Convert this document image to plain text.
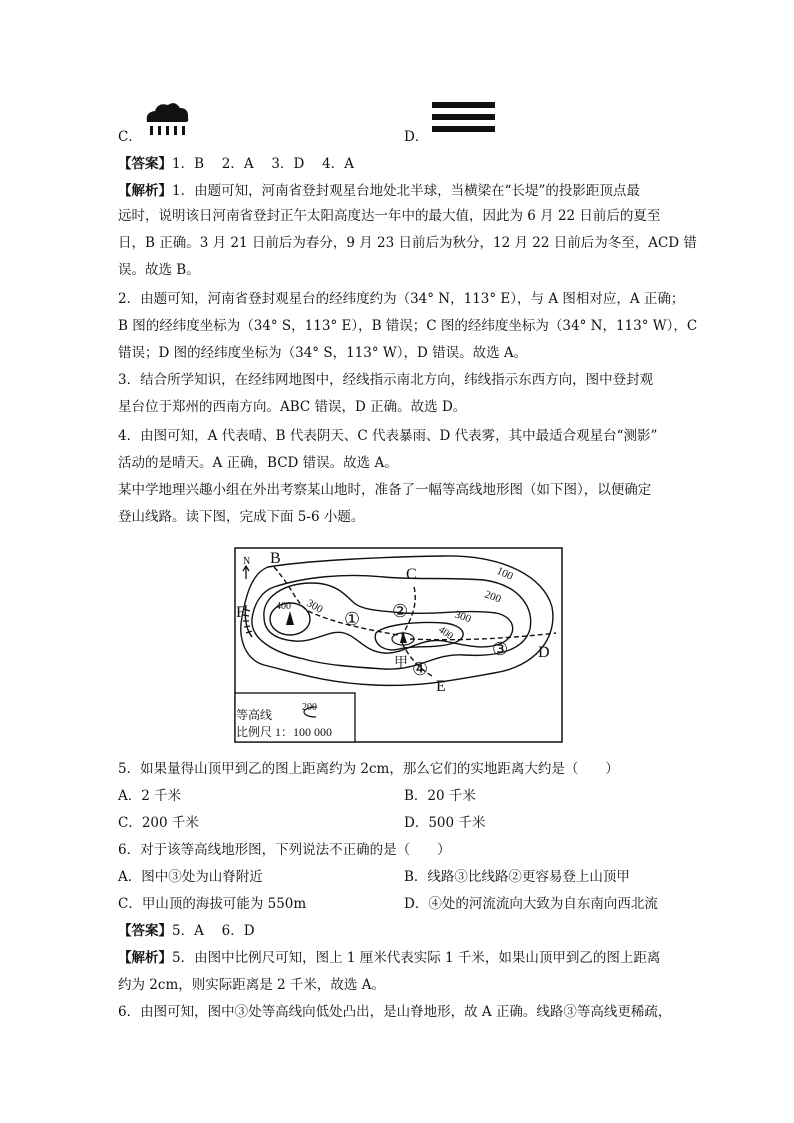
C．	D．
【答案】1．B　 2．A　 3．D　 4．A
【解析】1．由题可知，河南省登封观星台地处北半球，当横梁在“长堤”的投影距顶点最
远时，说明该日河南省登封正午太阳高度达一年中的最大值，因此为 6 月 22 日前后的夏至
日，B 正确。3 月 21 日前后为春分，9 月 23 日前后为秋分，12 月 22 日前后为冬至，ACD 错
误。故选 B。
2．由题可知，河南省登封观星台的经纬度约为（34° N，113° E），与 A 图相对应，A 正确；
B 图的经纬度坐标为（34° S，113° E），B 错误；C 图的经纬度坐标为（34° N，113° W），C
错误；D 图的经纬度坐标为（34° S，113° W），D 错误。故选 A。
3．结合所学知识，在经纬网地图中，经线指示南北方向，纬线指示东西方向，图中登封观
星台位于郑州的西南方向。ABC 错误，D 正确。故选 D。
4．由图可知，A 代表晴、B 代表阴天、C 代表暴雨、D 代表雾，其中最适合观星台“测影”
活动的是晴天。A 正确，BCD 错误。故选 A。
某中学地理兴趣小组在外出考察某山地时，准备了一幅等高线地形图（如下图），以便确定
登山线路。读下图，完成下面 5-6 小题。
N B
C
F
D
E
甲
① ②
③
④
100
200
300
300
400
400
等高线
200
比例尺 1：100 000
5．如果量得山顶甲到乙的图上距离约为 2cm，那么它们的实地距离大约是（　　）
A．2 千米	B．20 千米
C．200 千米	D．500 千米
6．对于该等高线地形图，下列说法不正确的是（　　）
A．图中③处为山脊附近	B．线路③比线路②更容易登上山顶甲
C．甲山顶的海拔可能为 550m	D．④处的河流流向大致为自东南向西北流
【答案】5．A　 6．D
【解析】5．由图中比例尺可知，图上 1 厘米代表实际 1 千米，如果山顶甲到乙的图上距离
约为 2cm，则实际距离是 2 千米，故选 A。
6．由图可知，图中③处等高线向低处凸出，是山脊地形，故 A 正确。线路③等高线更稀疏，
